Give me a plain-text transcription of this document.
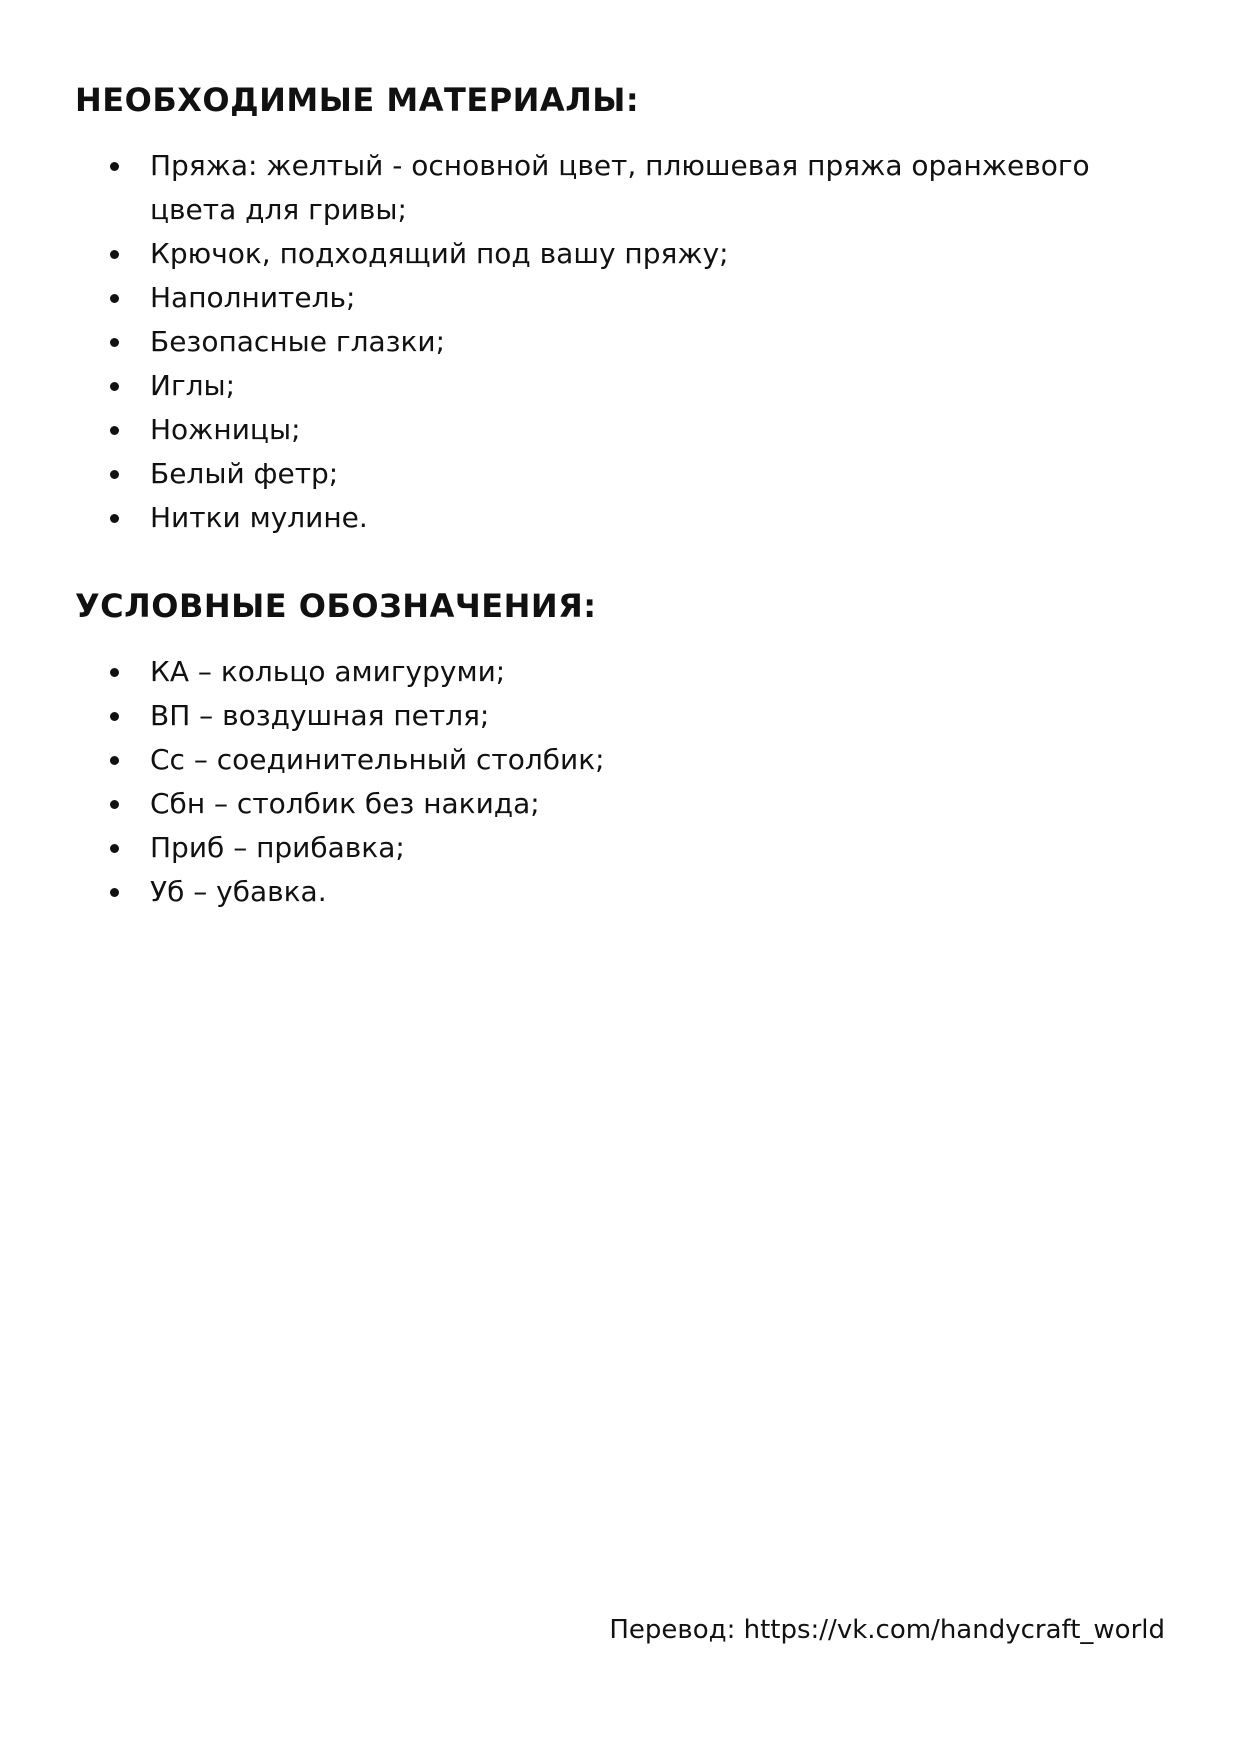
НЕОБХОДИМЫЕ МАТЕРИАЛЫ:
Пряжа: желтый - основной цвет, плюшевая пряжа оранжевого цвета для гривы;
Крючок, подходящий под вашу пряжу;
Наполнитель;
Безопасные глазки;
Иглы;
Ножницы;
Белый фетр;
Нитки мулине.
УСЛОВНЫЕ ОБОЗНАЧЕНИЯ:
КА – кольцо амигуруми;
ВП – воздушная петля;
Сс – соединительный столбик;
Сбн – столбик без накида;
Приб – прибавка;
Уб – убавка.
Перевод: https://vk.com/handycraft_world
